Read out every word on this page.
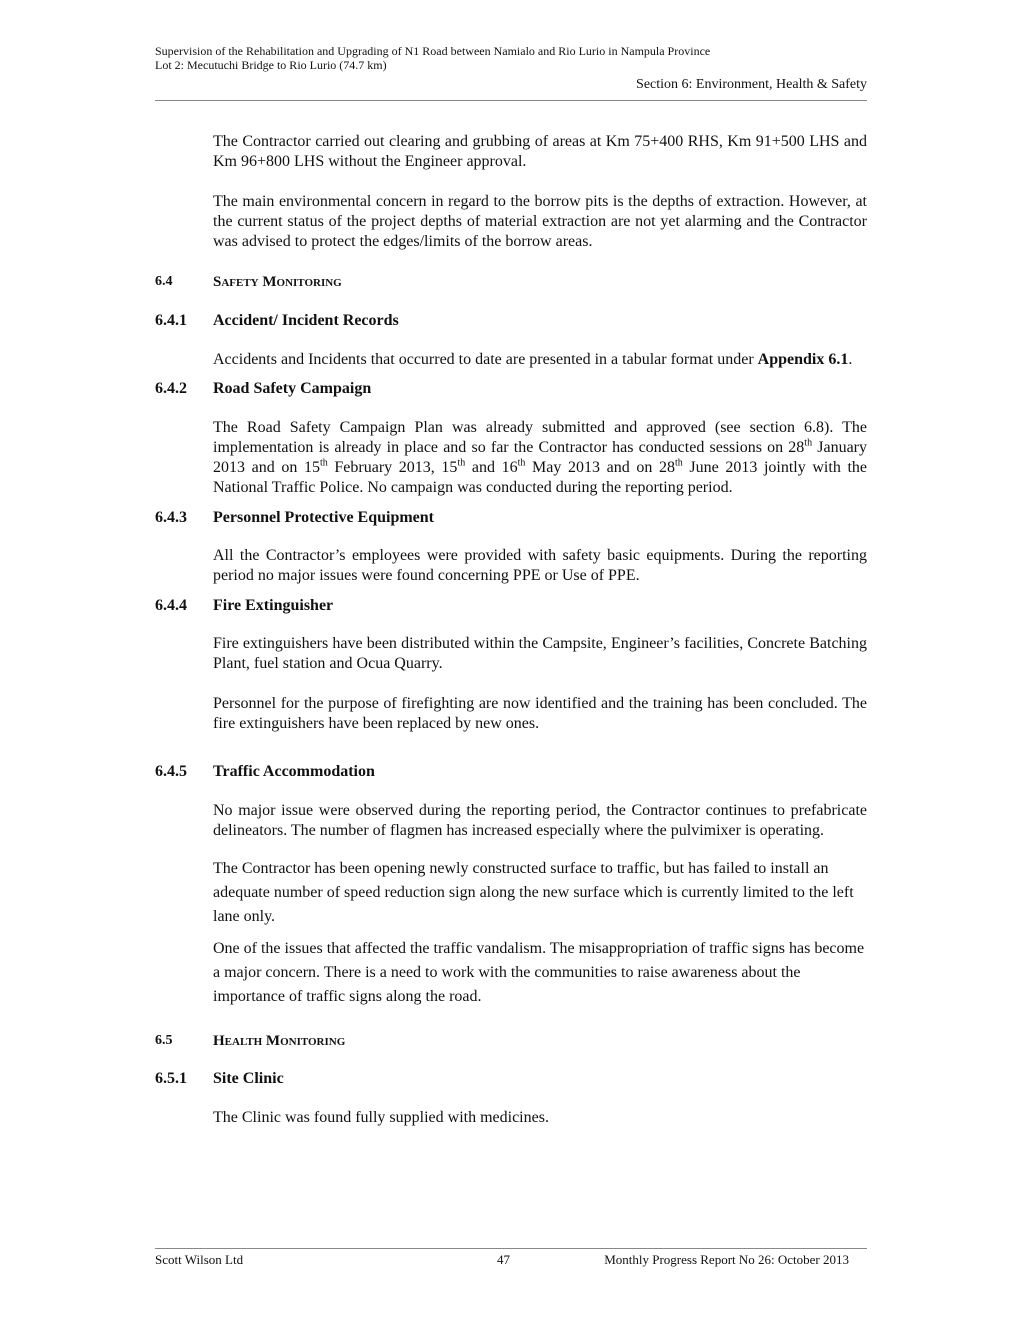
Supervision of the Rehabilitation and Upgrading of N1 Road between Namialo and Rio Lurio in Nampula Province
Lot 2: Mecutuchi Bridge to Rio Lurio (74.7 km)
Section 6: Environment, Health & Safety

The Contractor carried out clearing and grubbing of areas at Km 75+400 RHS, Km 91+500 LHS and Km 96+800 LHS without the Engineer approval.

The main environmental concern in regard to the borrow pits is the depths of extraction. However, at the current status of the project depths of material extraction are not yet alarming and the Contractor was advised to protect the edges/limits of the borrow areas.

6.4	Safety Monitoring
6.4.1	Accident/ Incident Records

Accidents and Incidents that occurred to date are presented in a tabular format under Appendix 6.1.

6.4.2	Road Safety Campaign

The Road Safety Campaign Plan was already submitted and approved (see section 6.8). The implementation is already in place and so far the Contractor has conducted sessions on 28th January 2013 and on 15th February 2013, 15th and 16th May 2013 and on 28th June 2013 jointly with the National Traffic Police. No campaign was conducted during the reporting period.

6.4.3	Personnel Protective Equipment

All the Contractor’s employees were provided with safety basic equipments. During the reporting period no major issues were found concerning PPE or Use of PPE.

6.4.4	Fire Extinguisher

Fire extinguishers have been distributed within the Campsite, Engineer’s facilities, Concrete Batching Plant, fuel station and Ocua Quarry.

Personnel for the purpose of firefighting are now identified and the training has been concluded. The fire extinguishers have been replaced by new ones.

6.4.5	Traffic Accommodation

No major issue were observed during the reporting period, the Contractor continues to prefabricate delineators. The number of flagmen has increased especially where the pulvimixer is operating.

The Contractor has been opening newly constructed surface to traffic, but has failed to install an adequate number of speed reduction sign along the new surface which is currently limited to the left lane only.

One of the issues that affected the traffic vandalism. The misappropriation of traffic signs has become a major concern. There is a need to work with the communities to raise awareness about the importance of traffic signs along the road.

6.5	Health Monitoring
6.5.1	Site Clinic

The Clinic was found fully supplied with medicines.

Scott Wilson Ltd	47	Monthly Progress Report No 26: October 2013
